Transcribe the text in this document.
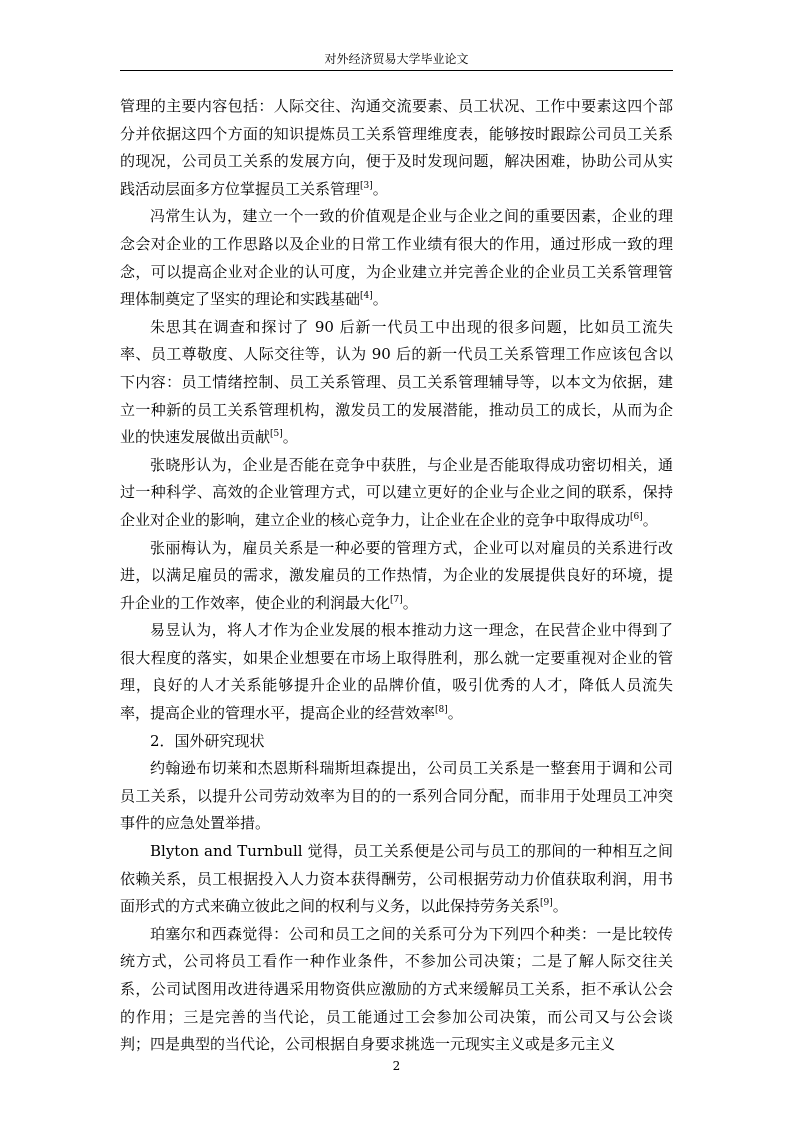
对外经济贸易大学毕业论文

管理的主要内容包括：人际交往、沟通交流要素、员工状况、工作中要素这四个部分并依据这四个方面的知识提炼员工关系管理维度表，能够按时跟踪公司员工关系的现况，公司员工关系的发展方向，便于及时发现问题，解决困难，协助公司从实践活动层面多方位掌握员工关系管理[3]。

冯常生认为，建立一个一致的价值观是企业与企业之间的重要因素，企业的理念会对企业的工作思路以及企业的日常工作业绩有很大的作用，通过形成一致的理念，可以提高企业对企业的认可度，为企业建立并完善企业的企业员工关系管理管理体制奠定了坚实的理论和实践基础[4]。

朱思其在调查和探讨了 90 后新一代员工中出现的很多问题，比如员工流失率、员工尊敬度、人际交往等，认为 90 后的新一代员工关系管理工作应该包含以下内容：员工情绪控制、员工关系管理、员工关系管理辅导等，以本文为依据，建立一种新的员工关系管理机构，激发员工的发展潜能，推动员工的成长，从而为企业的快速发展做出贡献[5]。

张晓彤认为，企业是否能在竞争中获胜，与企业是否能取得成功密切相关，通过一种科学、高效的企业管理方式，可以建立更好的企业与企业之间的联系，保持企业对企业的影响，建立企业的核心竞争力，让企业在企业的竞争中取得成功[6]。

张丽梅认为，雇员关系是一种必要的管理方式，企业可以对雇员的关系进行改进，以满足雇员的需求，激发雇员的工作热情，为企业的发展提供良好的环境，提升企业的工作效率，使企业的利润最大化[7]。

易昱认为，将人才作为企业发展的根本推动力这一理念，在民营企业中得到了很大程度的落实，如果企业想要在市场上取得胜利，那么就一定要重视对企业的管理，良好的人才关系能够提升企业的品牌价值，吸引优秀的人才，降低人员流失率，提高企业的管理水平，提高企业的经营效率[8]。

2．国外研究现状

约翰逊布切莱和杰恩斯科瑞斯坦森提出，公司员工关系是一整套用于调和公司员工关系，以提升公司劳动效率为目的的一系列合同分配，而非用于处理员工冲突事件的应急处置举措。

Blyton and Turnbull 觉得，员工关系便是公司与员工的那间的一种相互之间依赖关系，员工根据投入人力资本获得酬劳，公司根据劳动力价值获取利润，用书面形式的方式来确立彼此之间的权利与义务，以此保持劳务关系[9]。

珀塞尔和西森觉得：公司和员工之间的关系可分为下列四个种类：一是比较传统方式，公司将员工看作一种作业条件，不参加公司决策；二是了解人际交往关系，公司试图用改进待遇采用物资供应激励的方式来缓解员工关系，拒不承认公会的作用；三是完善的当代论，员工能通过工会参加公司决策，而公司又与公会谈判；四是典型的当代论，公司根据自身要求挑选一元现实主义或是多元主义

2
